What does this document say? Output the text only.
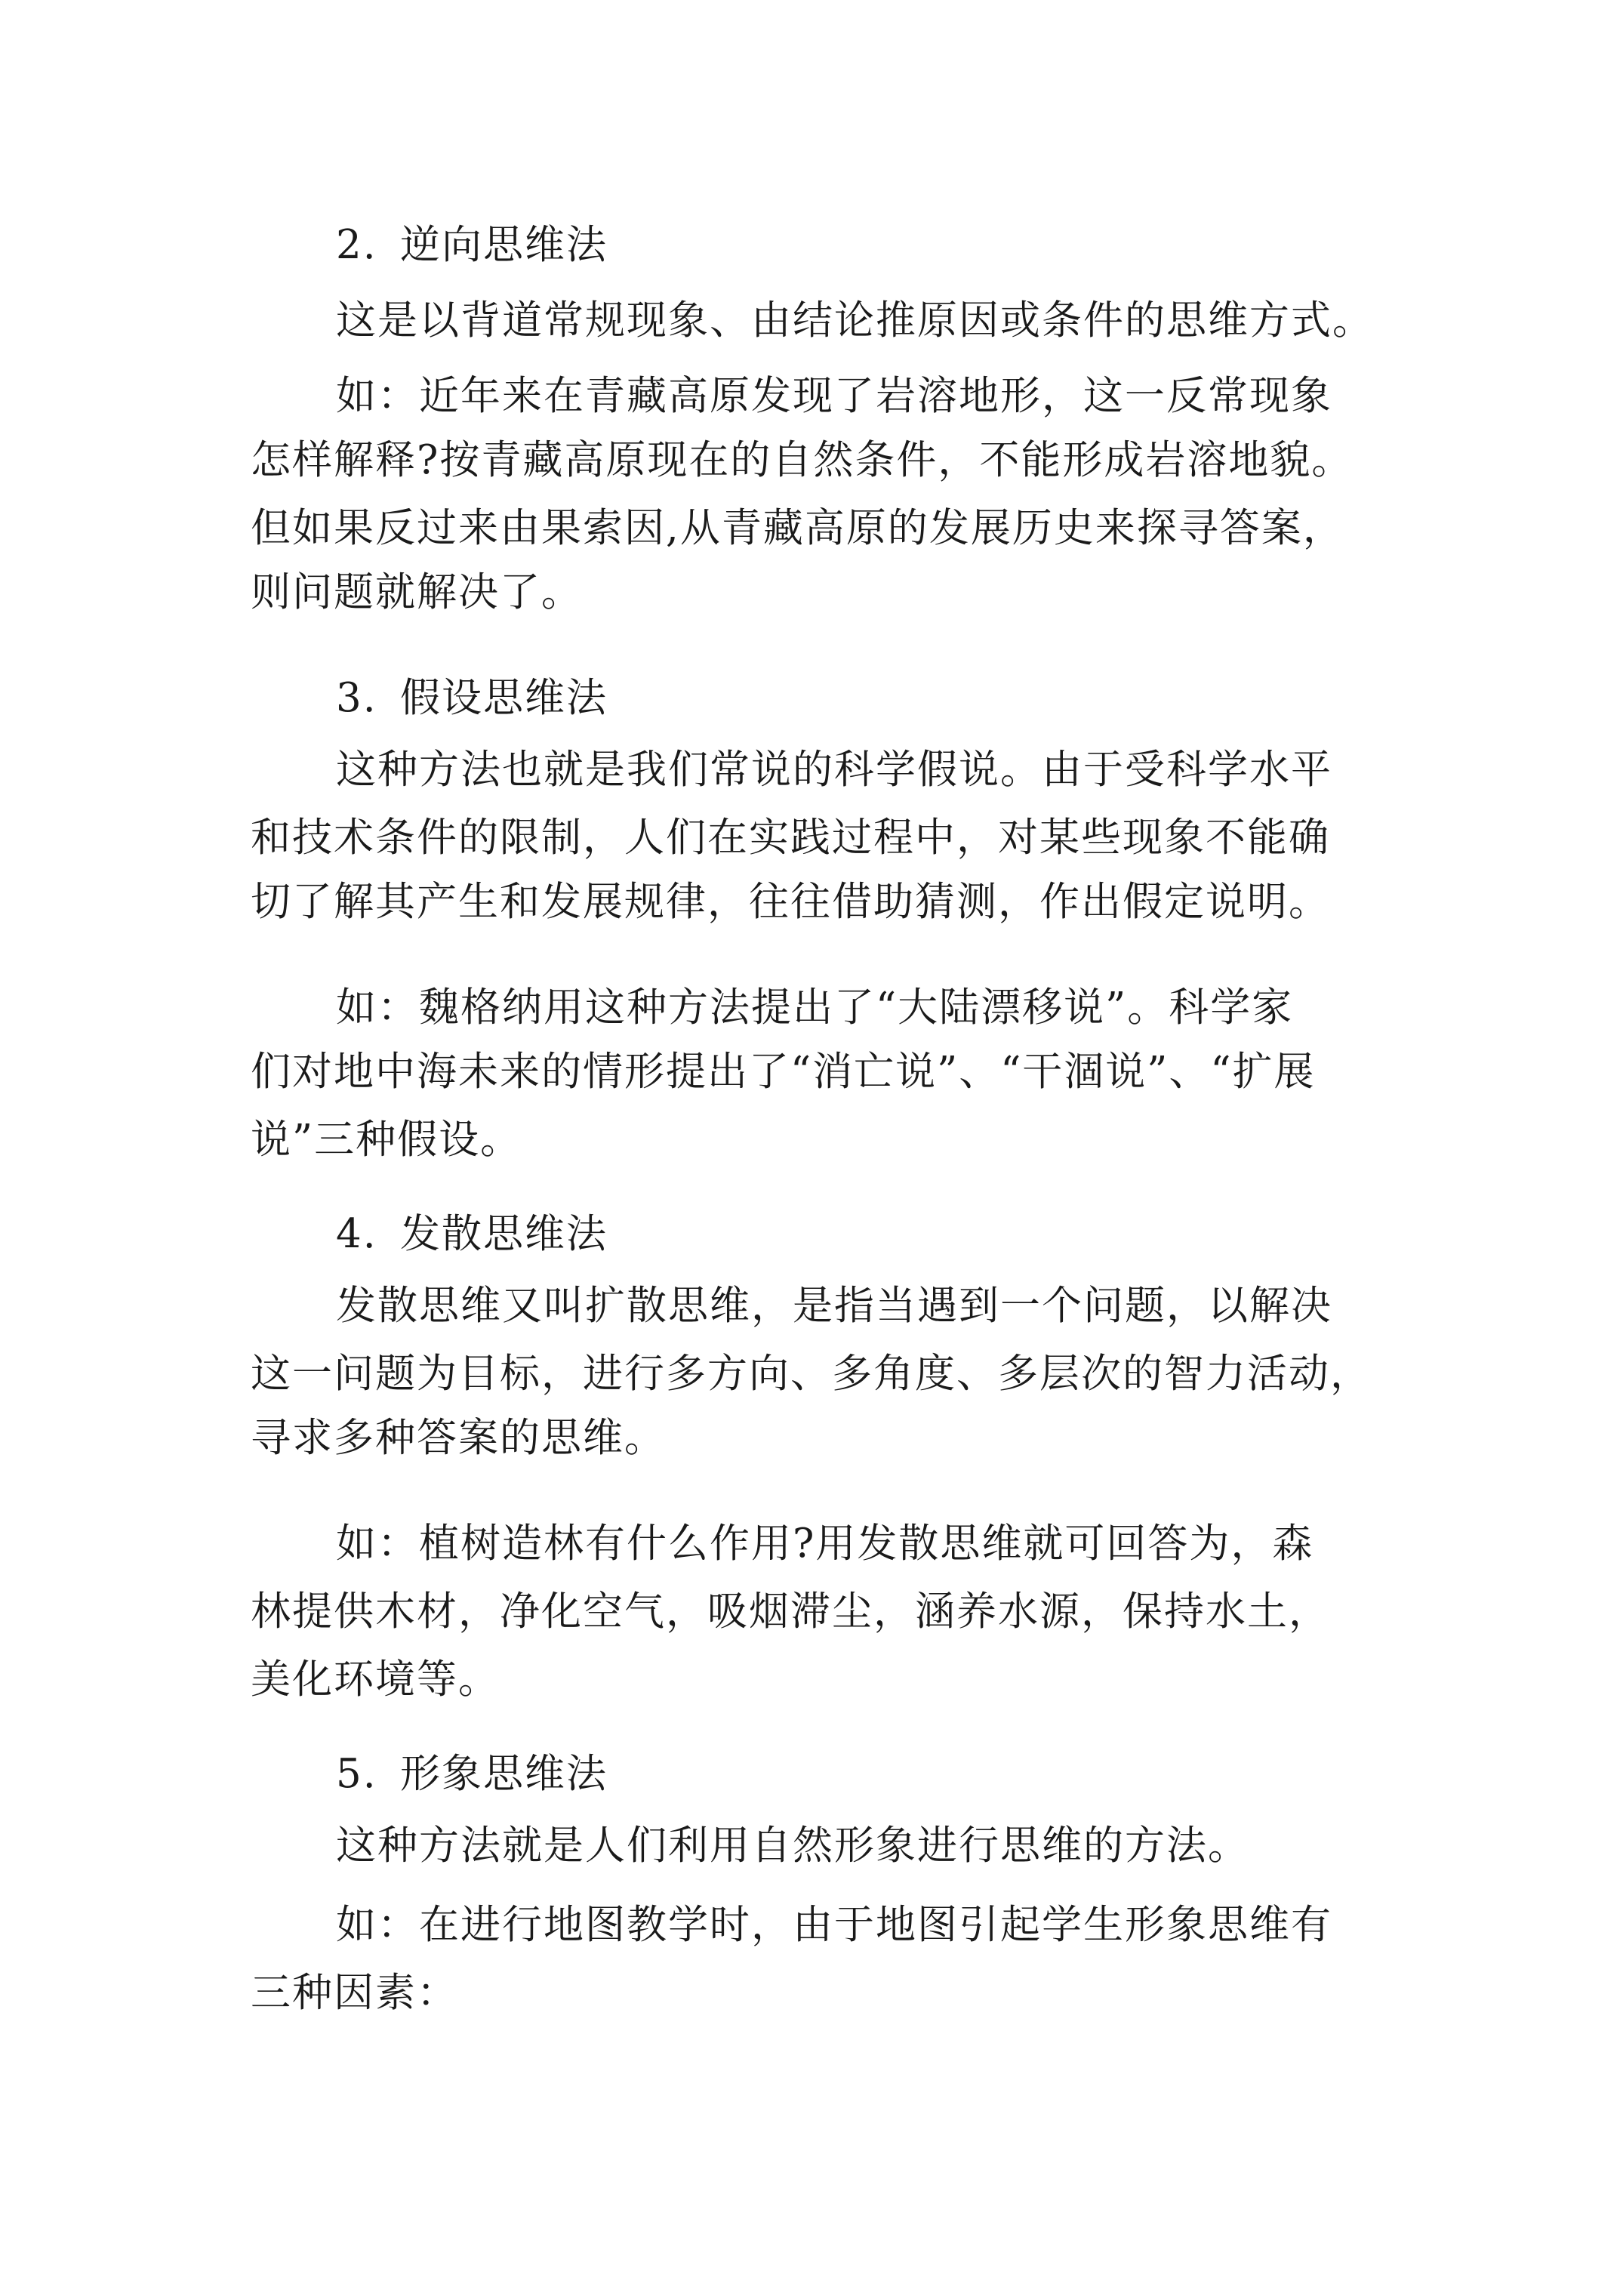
2. 逆向思维法
这是以背道常规现象、由结论推原因或条件的思维方式。
如：近年来在青藏高原发现了岩溶地形，这一反常现象
怎样解释?按青藏高原现在的自然条件，不能形成岩溶地貌。
但如果反过来由果索因,从青藏高原的发展历史来探寻答案，
则问题就解决了。
3. 假设思维法
这种方法也就是我们常说的科学假说。由于受科学水平
和技术条件的限制，人们在实践过程中，对某些现象不能确
切了解其产生和发展规律，往往借助猜测，作出假定说明。
如：魏格纳用这种方法提出了“大陆漂移说”。科学家
们对地中海未来的情形提出了“消亡说”、“干涸说”、“扩展
说”三种假设。
4. 发散思维法
发散思维又叫扩散思维，是指当遇到一个问题，以解决
这一问题为目标，进行多方向、多角度、多层次的智力活动，
寻求多种答案的思维。
如：植树造林有什么作用?用发散思维就可回答为，森
林提供木材，净化空气，吸烟滞尘，涵养水源，保持水土，
美化环境等。
5. 形象思维法
这种方法就是人们利用自然形象进行思维的方法。
如：在进行地图教学时，由于地图引起学生形象思维有
三种因素：
